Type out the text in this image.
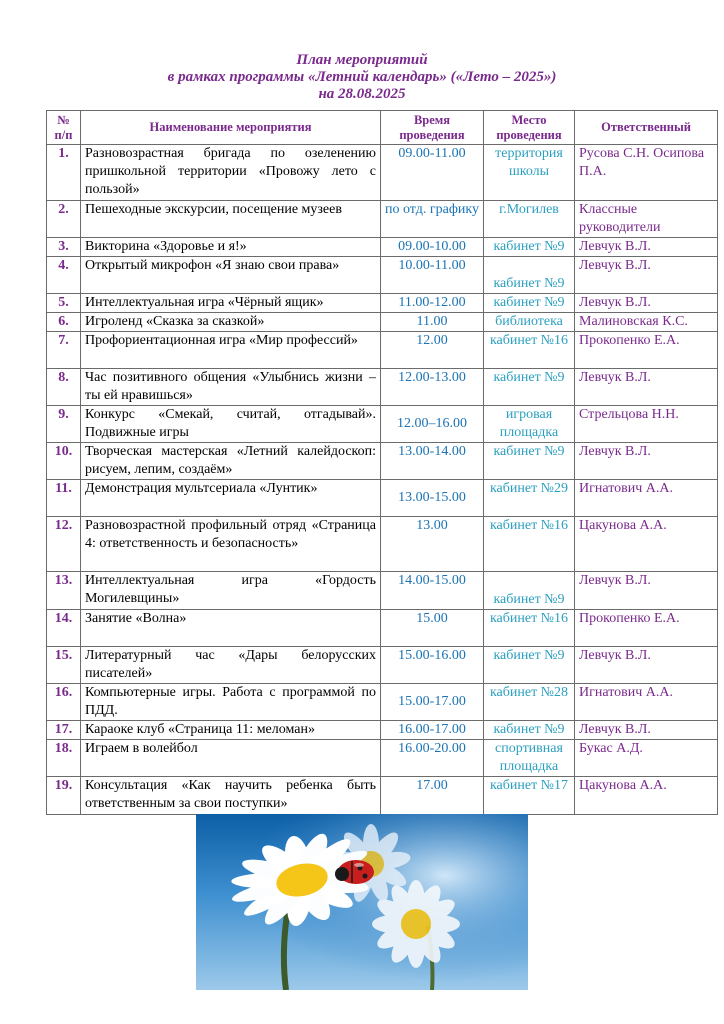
План мероприятий
в рамках программы «Летний календарь» («Лето – 2025»)
на 28.08.2025
№ п/п	Наименование мероприятия	Время проведения	Место проведения	Ответственный
1.	Разновозрастная бригада по озеленению пришкольной территории «Провожу лето с пользой»	09.00-11.00	территория школы	Русова С.Н. Осипова П.А.
2.	Пешеходные экскурсии, посещение музеев	по отд. графику	г.Могилев	Классные руководители
3.	Викторина «Здоровье и я!»	09.00-10.00	кабинет №9	Левчук В.Л.
4.	Открытый микрофон «Я знаю свои права»	10.00-11.00	кабинет №9	Левчук В.Л.
5.	Интеллектуальная игра «Чёрный ящик»	11.00-12.00	кабинет №9	Левчук В.Л.
6.	Игроленд «Сказка за сказкой»	11.00	библиотека	Малиновская К.С.
7.	Профориентационная игра «Мир профессий»	12.00	кабинет №16	Прокопенко Е.А.
8.	Час позитивного общения «Улыбнись жизни – ты ей нравишься»	12.00-13.00	кабинет №9	Левчук В.Л.
9.	Конкурс «Смекай, считай, отгадывай». Подвижные игры	12.00–16.00	игровая площадка	Стрельцова Н.Н.
10.	Творческая мастерская «Летний калейдоскоп: рисуем, лепим, создаём»	13.00-14.00	кабинет №9	Левчук В.Л.
11.	Демонстрация мультсериала «Лунтик»	13.00-15.00	кабинет №29	Игнатович А.А.
12.	Разновозрастной профильный отряд «Страница 4: ответственность и безопасность»	13.00	кабинет №16	Цакунова А.А.
13.	Интеллектуальная игра «Гордость Могилевщины»	14.00-15.00	кабинет №9	Левчук В.Л.
14.	Занятие «Волна»	15.00	кабинет №16	Прокопенко Е.А.
15.	Литературный час «Дары белорусских писателей»	15.00-16.00	кабинет №9	Левчук В.Л.
16.	Компьютерные игры. Работа с программой по ПДД.	15.00-17.00	кабинет №28	Игнатович А.А.
17.	Караоке клуб «Страница 11: меломан»	16.00-17.00	кабинет №9	Левчук В.Л.
18.	Играем в волейбол	16.00-20.00	спортивная площадка	Букас А.Д.
19.	Консультация «Как научить ребенка быть ответственным за свои поступки»	17.00	кабинет №17	Цакунова А.А.
